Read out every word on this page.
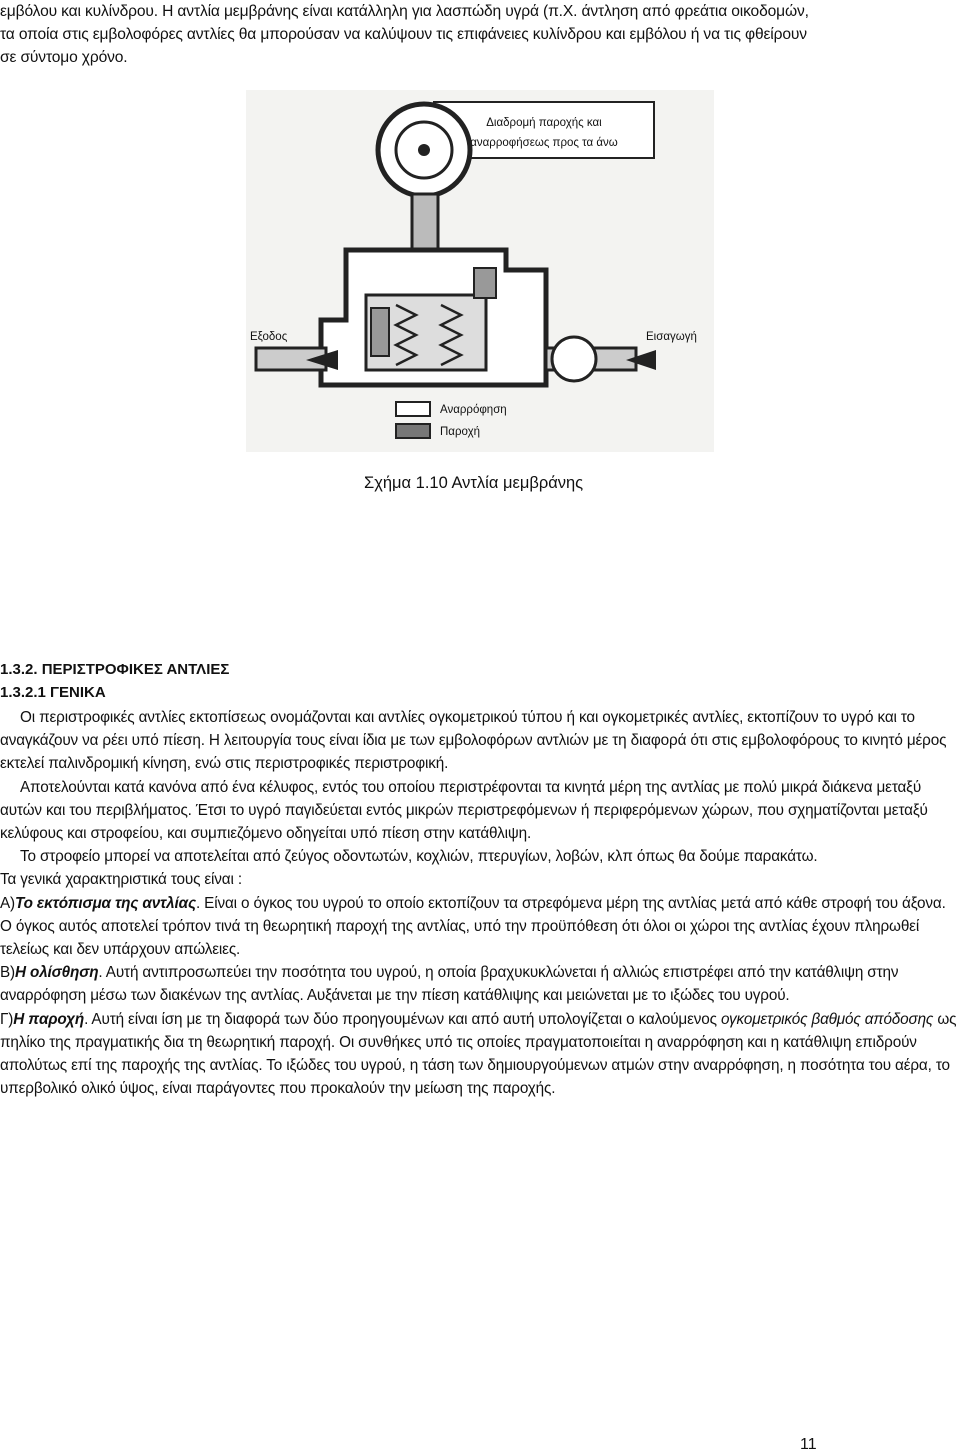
εμβόλου και κυλίνδρου. Η αντλία μεμβράνης είναι κατάλληλη για λασπώδη υγρά (π.Χ. άντληση από φρεάτια οικοδομών,
τα οποία στις εμβολοφόρες αντλίες θα μπορούσαν να καλύψουν τις επιφάνειες κυλίνδρου και εμβόλου ή να τις φθείρουν
σε σύντομο χρόνο.
Διαδρομή παροχής και
αναρροφήσεως προς τα άνω
Εξοδος	Εισαγωγή
Αναρρόφηση
Παροχή

Σχήμα 1.10 Αντλία μεμβράνης

1.3.2. ΠΕΡΙΣΤΡΟΦΙΚΕΣ ΑΝΤΛΙΕΣ

1.3.2.1 ΓΕΝΙΚΑ

Οι περιστροφικές αντλίες εκτοπίσεως ονομάζονται και αντλίες ογκομετρικού τύπου ή και ογκομετρικές αντλίες, εκτοπίζουν το υγρό και το αναγκάζουν να ρέει υπό πίεση. Η λειτουργία τους είναι ίδια με των εμβολοφόρων αντλιών με τη διαφορά ότι στις εμβολοφόρους το κινητό μέρος εκτελεί παλινδρομική κίνηση, ενώ στις περιστροφικές περιστροφική.

Αποτελούνται κατά κανόνα από ένα κέλυφος, εντός του οποίου περιστρέφονται τα κινητά μέρη της αντλίας με πολύ μικρά διάκενα μεταξύ αυτών και του περιβλήματος. Έτσι το υγρό παγιδεύεται εντός μικρών περιστρεφόμενων ή περιφερόμενων χώρων, που σχηματίζονται μεταξύ κελύφους και στροφείου, και συμπιεζόμενο οδηγείται υπό πίεση στην κατάθλιψη.

Το στροφείο μπορεί να αποτελείται από ζεύγος οδοντωτών, κοχλιών, πτερυγίων, λοβών, κλπ όπως θα δούμε παρακάτω.

Τα γενικά χαρακτηριστικά τους είναι :

Α)Το εκτόπισμα της αντλίας. Είναι ο όγκος του υγρού το οποίο εκτοπίζουν τα στρεφόμενα μέρη της αντλίας μετά από κάθε στροφή του άξονα. Ο όγκος αυτός αποτελεί τρόπον τινά τη θεωρητική παροχή της αντλίας, υπό την προϋπόθεση ότι όλοι οι χώροι της αντλίας έχουν πληρωθεί τελείως και δεν υπάρχουν απώλειες.

Β)Η ολίσθηση. Αυτή αντιπροσωπεύει την ποσότητα του υγρού, η οποία βραχυκυκλώνεται ή αλλιώς επιστρέφει από την κατάθλιψη στην αναρρόφηση μέσω των διακένων της αντλίας. Αυξάνεται με την πίεση κατάθλιψης και μειώνεται με το ιξώδες του υγρού.

Γ)Η παροχή. Αυτή είναι ίση με τη διαφορά των δύο προηγουμένων και από αυτή υπολογίζεται ο καλούμενος ογκομετρικός βαθμός απόδοσης ως πηλίκο της πραγματικής δια τη θεωρητική παροχή. Οι συνθήκες υπό τις οποίες πραγματοποιείται η αναρρόφηση και η κατάθλιψη επιδρούν απολύτως επί της παροχής της αντλίας. Το ιξώδες του υγρού, η τάση των δημιουργούμενων ατμών στην αναρρόφηση, η ποσότητα του αέρα, το υπερβολικό ολικό ύψος, είναι παράγοντες που προκαλούν την μείωση της παροχής.

11
